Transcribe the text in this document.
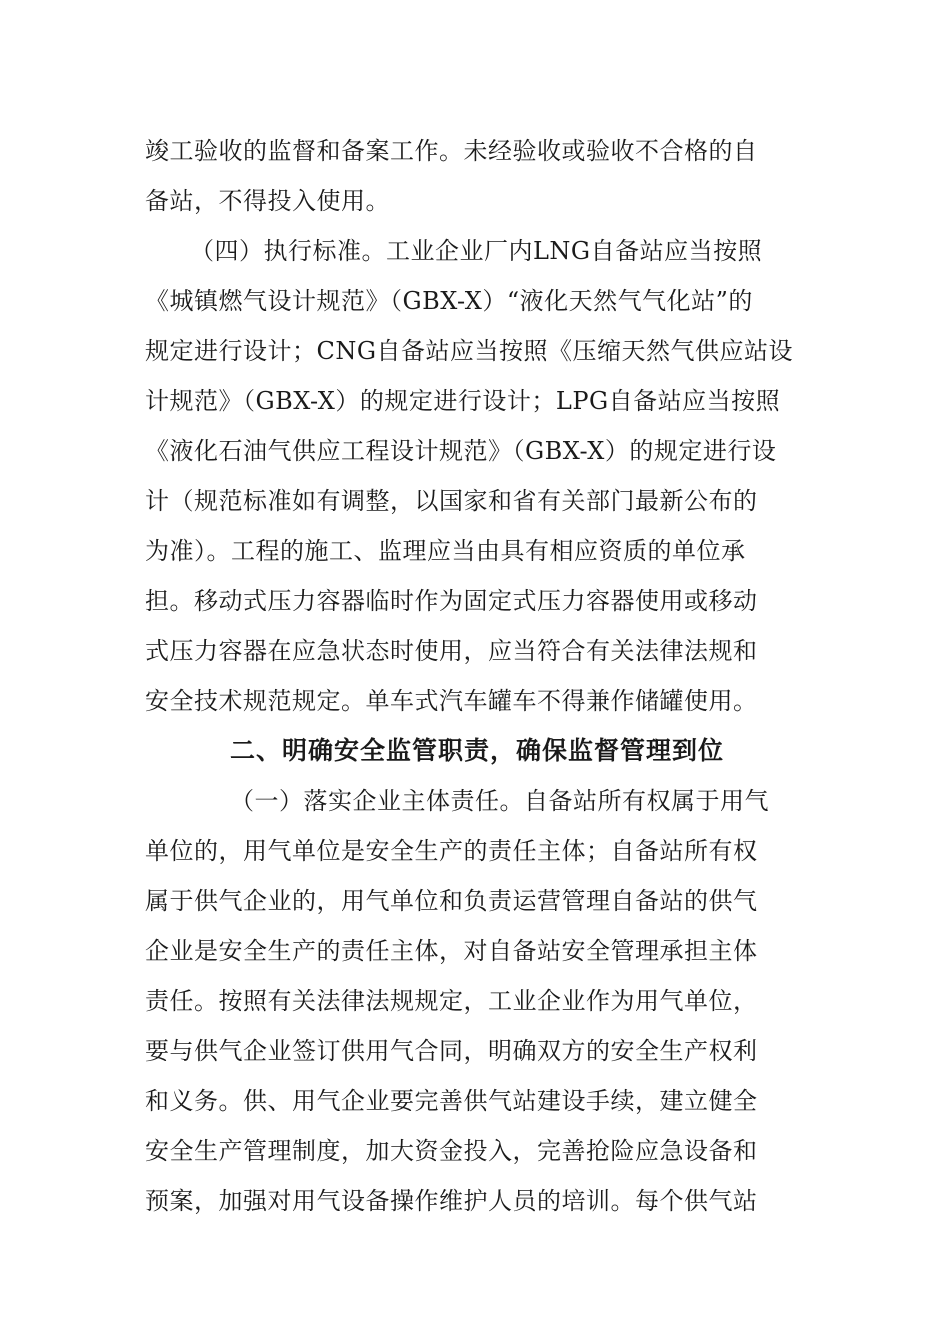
竣工验收的监督和备案工作。未经验收或验收不合格的自
备站，不得投入使用。
（四）执行标准。工业企业厂内LNG自备站应当按照
《城镇燃气设计规范》（GBX-X）“液化天然气气化站”的
规定进行设计；CNG自备站应当按照《压缩天然气供应站设
计规范》（GBX-X）的规定进行设计；LPG自备站应当按照
《液化石油气供应工程设计规范》（GBX-X）的规定进行设
计（规范标准如有调整，以国家和省有关部门最新公布的
为准）。工程的施工、监理应当由具有相应资质的单位承
担。移动式压力容器临时作为固定式压力容器使用或移动
式压力容器在应急状态时使用，应当符合有关法律法规和
安全技术规范规定。单车式汽车罐车不得兼作储罐使用。
二、明确安全监管职责，确保监督管理到位
（一）落实企业主体责任。自备站所有权属于用气
单位的，用气单位是安全生产的责任主体；自备站所有权
属于供气企业的，用气单位和负责运营管理自备站的供气
企业是安全生产的责任主体，对自备站安全管理承担主体
责任。按照有关法律法规规定，工业企业作为用气单位，
要与供气企业签订供用气合同，明确双方的安全生产权利
和义务。供、用气企业要完善供气站建设手续，建立健全
安全生产管理制度，加大资金投入，完善抢险应急设备和
预案，加强对用气设备操作维护人员的培训。每个供气站
